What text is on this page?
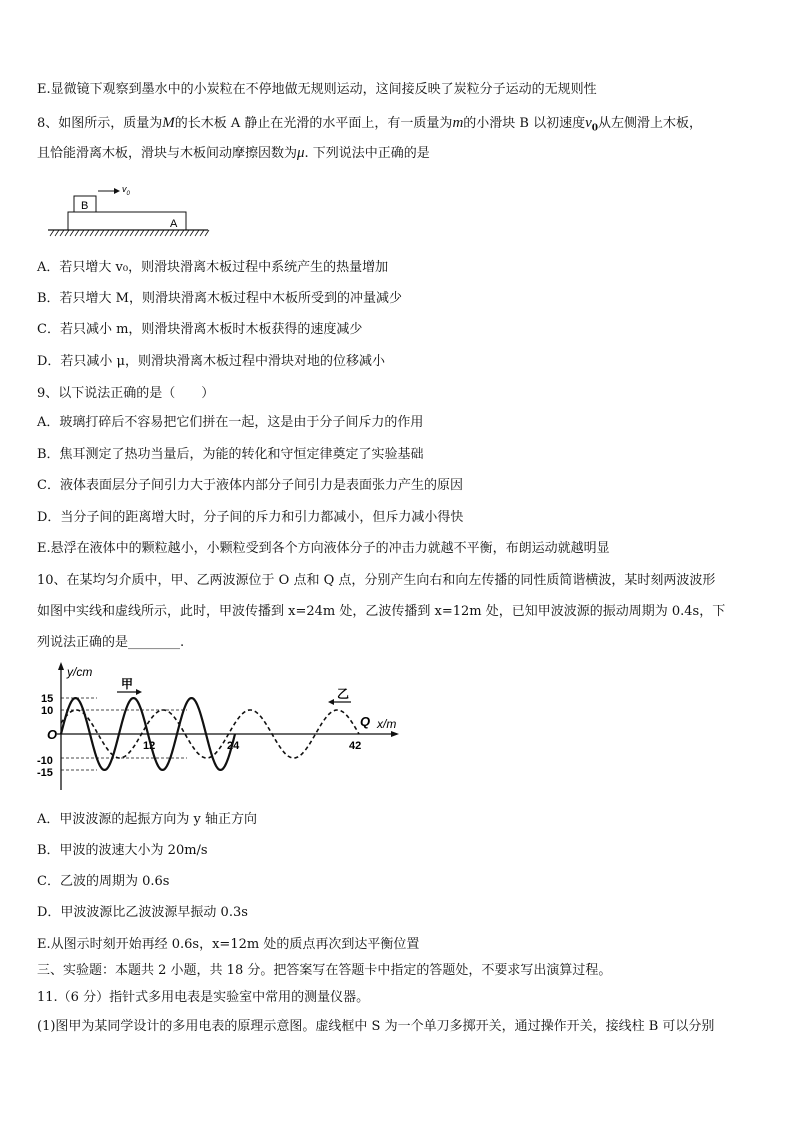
E.显微镜下观察到墨水中的小炭粒在不停地做无规则运动，这间接反映了炭粒分子运动的无规则性
8、如图所示，质量为M的长木板 A 静止在光滑的水平面上，有一质量为m的小滑块 B 以初速度$v_0$从左侧滑上木板，
且恰能滑离木板，滑块与木板间动摩擦因数为μ. 下列说法中正确的是
B
A
$v_0$
A．若只增大 v₀，则滑块滑离木板过程中系统产生的热量增加
B．若只增大 M，则滑块滑离木板过程中木板所受到的冲量减少
C．若只减小 m，则滑块滑离木板时木板获得的速度减少
D．若只减小 μ，则滑块滑离木板过程中滑块对地的位移减小
9、以下说法正确的是（　　）
A．玻璃打碎后不容易把它们拼在一起，这是由于分子间斥力的作用
B．焦耳测定了热功当量后，为能的转化和守恒定律奠定了实验基础
C．液体表面层分子间引力大于液体内部分子间引力是表面张力产生的原因
D．当分子间的距离增大时，分子间的斥力和引力都减小，但斥力减小得快
E.悬浮在液体中的颗粒越小，小颗粒受到各个方向液体分子的冲击力就越不平衡，布朗运动就越明显
10、在某均匀介质中，甲、乙两波源位于 O 点和 Q 点，分别产生向右和向左传播的同性质简谐横波，某时刻两波波形
如图中实线和虚线所示，此时，甲波传播到 x=24m 处，乙波传播到 x=12m 处，已知甲波波源的振动周期为 0.4s，下
列说法正确的是________.
y/cm
x/m
O
Q
15
10
-10
-15
12	24	42
甲
乙
A．甲波波源的起振方向为 y 轴正方向
B．甲波的波速大小为 20m/s
C．乙波的周期为 0.6s
D．甲波波源比乙波波源早振动 0.3s
E.从图示时刻开始再经 0.6s，x=12m 处的质点再次到达平衡位置
三、实验题：本题共 2 小题，共 18 分。把答案写在答题卡中指定的答题处，不要求写出演算过程。
11.（6 分）指针式多用电表是实验室中常用的测量仪器。
(1)图甲为某同学设计的多用电表的原理示意图。虚线框中 S 为一个单刀多掷开关，通过操作开关，接线柱 B 可以分别
